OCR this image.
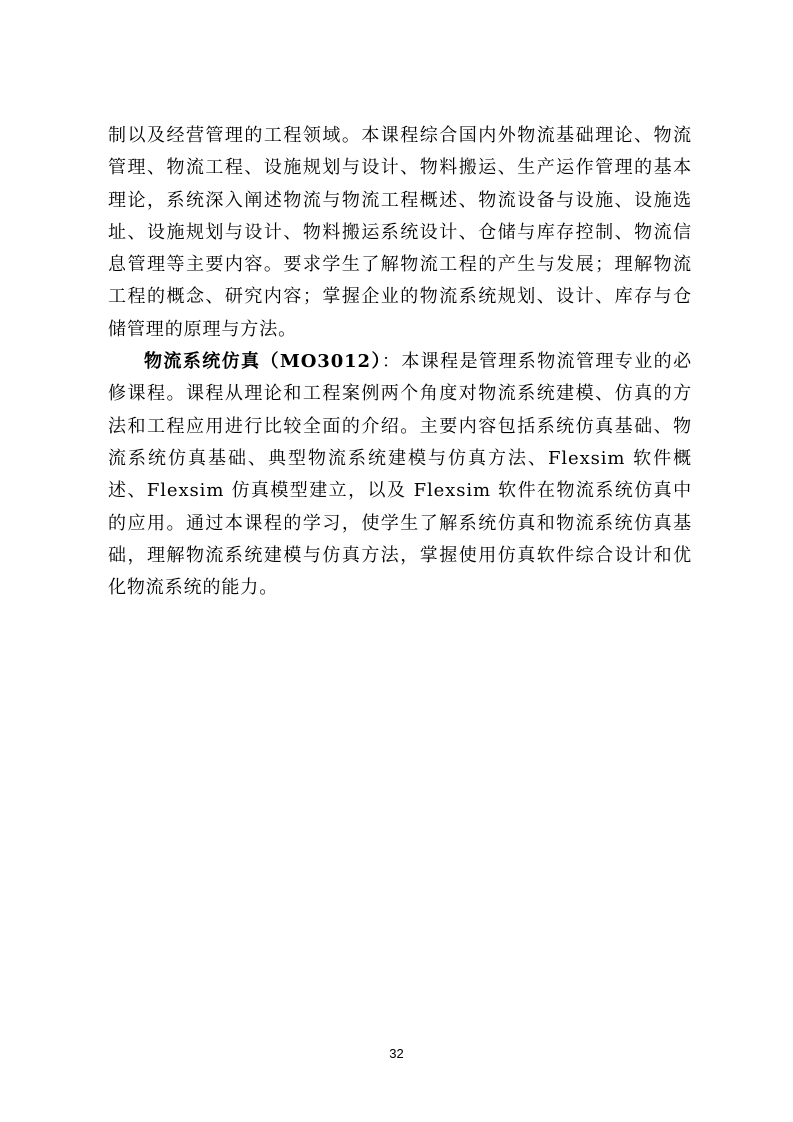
制以及经营管理的工程领域。本课程综合国内外物流基础理论、物流管理、物流工程、设施规划与设计、物料搬运、生产运作管理的基本理论，系统深入阐述物流与物流工程概述、物流设备与设施、设施选址、设施规划与设计、物料搬运系统设计、仓储与库存控制、物流信息管理等主要内容。要求学生了解物流工程的产生与发展；理解物流工程的概念、研究内容；掌握企业的物流系统规划、设计、库存与仓储管理的原理与方法。

物流系统仿真（MO3012）：本课程是管理系物流管理专业的必修课程。课程从理论和工程案例两个角度对物流系统建模、仿真的方法和工程应用进行比较全面的介绍。主要内容包括系统仿真基础、物流系统仿真基础、典型物流系统建模与仿真方法、Flexsim 软件概述、Flexsim 仿真模型建立，以及 Flexsim 软件在物流系统仿真中的应用。通过本课程的学习，使学生了解系统仿真和物流系统仿真基础，理解物流系统建模与仿真方法，掌握使用仿真软件综合设计和优化物流系统的能力。

32
